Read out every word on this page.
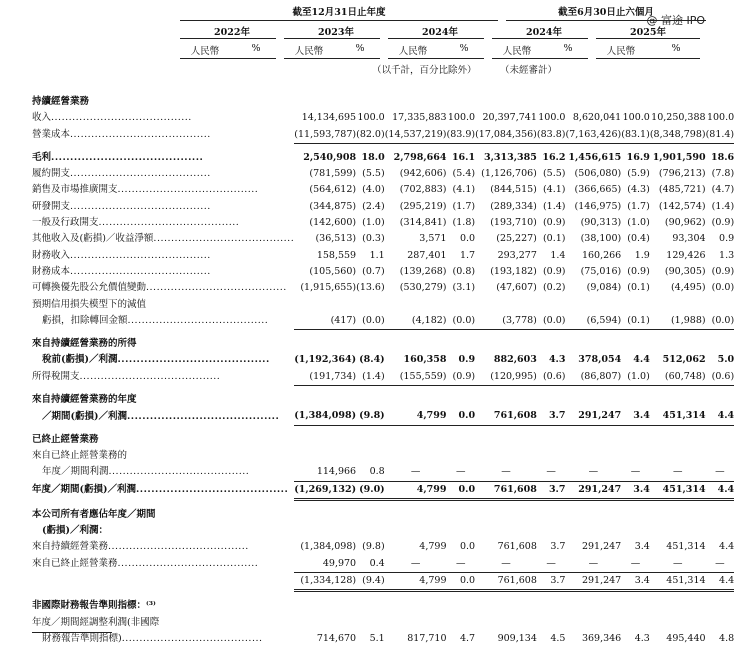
@ 富途 IPO
截至12月31日止年度	截至6月30日止六個月
2022年	2023年	2024年	2024年	2025年
人民幣	%	人民幣	%	人民幣	%	人民幣	%	人民幣	%
（以千計，百分比除外） （未經審計）
持續經營業務										
收入........................................	14,134,695	100.0	17,335,883	100.0	20,397,741	100.0	8,620,041	100.0	10,250,388	100.0
營業成本........................................	(11,593,787)	(82.0)	(14,537,219)	(83.9)	(17,084,356)	(83.8)	(7,163,426)	(83.1)	(8,348,798)	(81.4)

毛利........................................	2,540,908	18.0	2,798,664	16.1	3,313,385	16.2	1,456,615	16.9	1,901,590	18.6
履約開支........................................	(781,599)	(5.5)	(942,606)	(5.4)	(1,126,706)	(5.5)	(506,080)	(5.9)	(796,213)	(7.8)
銷售及市場推廣開支........................................	(564,612)	(4.0)	(702,883)	(4.1)	(844,515)	(4.1)	(366,665)	(4.3)	(485,721)	(4.7)
研發開支........................................	(344,875)	(2.4)	(295,219)	(1.7)	(289,334)	(1.4)	(146,975)	(1.7)	(142,574)	(1.4)
一般及行政開支........................................	(142,600)	(1.0)	(314,841)	(1.8)	(193,710)	(0.9)	(90,313)	(1.0)	(90,962)	(0.9)
其他收入及(虧損)／收益淨額........................................	(36,513)	(0.3)	3,571	0.0	(25,227)	(0.1)	(38,100)	(0.4)	93,304	0.9
財務收入........................................	158,559	1.1	287,401	1.7	293,277	1.4	160,266	1.9	129,426	1.3
財務成本........................................	(105,560)	(0.7)	(139,268)	(0.8)	(193,182)	(0.9)	(75,016)	(0.9)	(90,305)	(0.9)
可轉換優先股公允價值變動........................................	(1,915,655)	(13.6)	(530,279)	(3.1)	(47,607)	(0.2)	(9,084)	(0.1)	(4,495)	(0.0)
預期信用損失模型下的減值										
虧損，扣除轉回金額........................................	(417)	(0.0)	(4,182)	(0.0)	(3,778)	(0.0)	(6,594)	(0.1)	(1,988)	(0.0)

來自持續經營業務的所得										
稅前(虧損)／利潤........................................	(1,192,364)	(8.4)	160,358	0.9	882,603	4.3	378,054	4.4	512,062	5.0
所得稅開支........................................	(191,734)	(1.4)	(155,559)	(0.9)	(120,995)	(0.6)	(86,807)	(1.0)	(60,748)	(0.6)

來自持續經營業務的年度										
／期間(虧損)／利潤........................................	(1,384,098)	(9.8)	4,799	0.0	761,608	3.7	291,247	3.4	451,314	4.4

已終止經營業務										
來自已終止經營業務的										
年度／期間利潤........................................	114,966	0.8	—	—	—	—	—	—	—	—
年度／期間(虧損)／利潤........................................	(1,269,132)	(9.0)	4,799	0.0	761,608	3.7	291,247	3.4	451,314	4.4

本公司所有者應佔年度／期間										
(虧損)／利潤：										
來自持續經營業務........................................	(1,384,098)	(9.8)	4,799	0.0	761,608	3.7	291,247	3.4	451,314	4.4
來自已終止經營業務........................................	49,970	0.4	—	—	—	—	—	—	—	—
	(1,334,128)	(9.4)	4,799	0.0	761,608	3.7	291,247	3.4	451,314	4.4

非國際財務報告準則指標：⁽³⁾										
年度／期間經調整利潤(非國際										
財務報告準則指標)........................................	714,670	5.1	817,710	4.7	909,134	4.5	369,346	4.3	495,440	4.8
